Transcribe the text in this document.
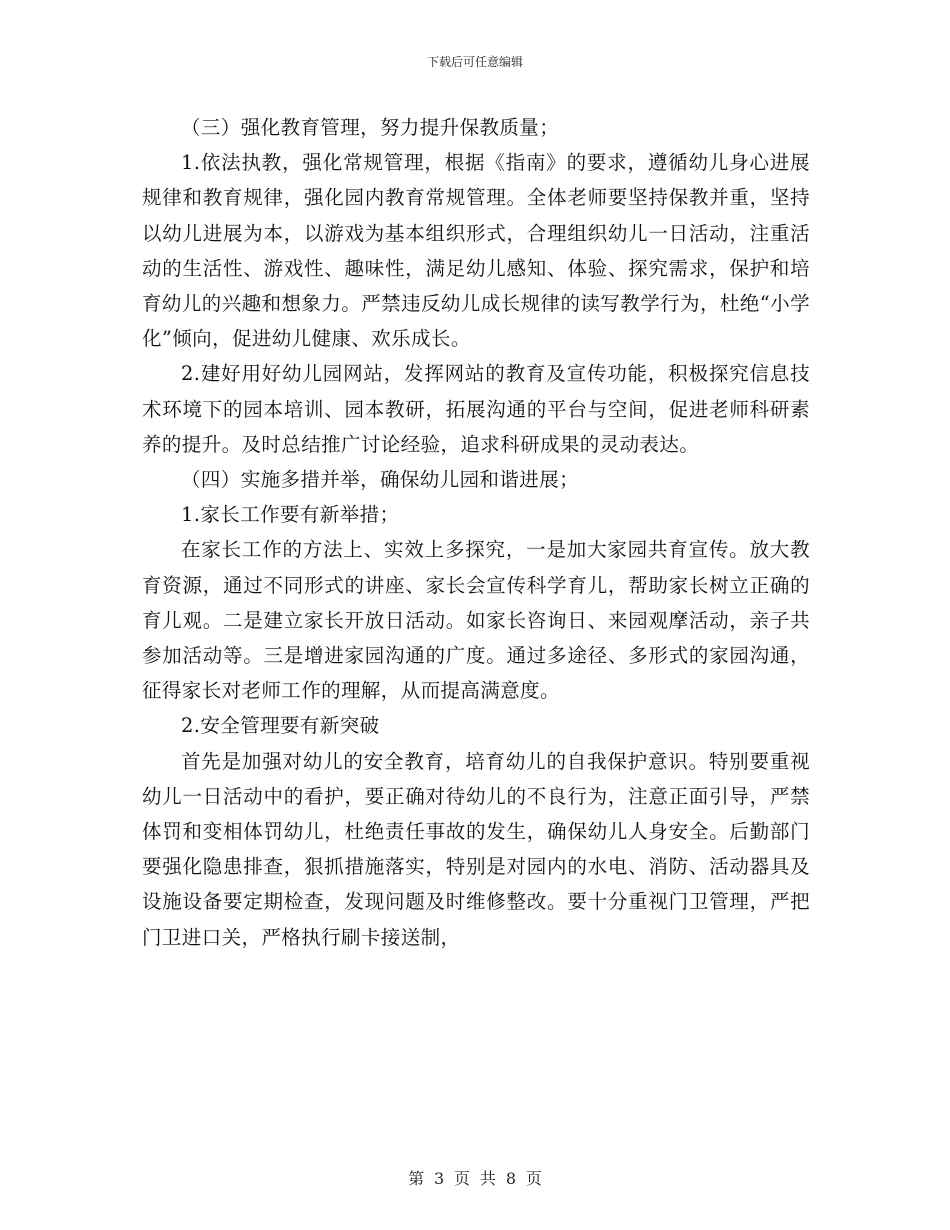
下载后可任意编辑

（三）强化教育管理，努力提升保教质量；

1.依法执教，强化常规管理，根据《指南》的要求，遵循幼儿身心进展规律和教育规律，强化园内教育常规管理。全体老师要坚持保教并重，坚持以幼儿进展为本，以游戏为基本组织形式，合理组织幼儿一日活动，注重活动的生活性、游戏性、趣味性，满足幼儿感知、体验、探究需求，保护和培育幼儿的兴趣和想象力。严禁违反幼儿成长规律的读写教学行为，杜绝“小学化”倾向，促进幼儿健康、欢乐成长。

2.建好用好幼儿园网站，发挥网站的教育及宣传功能，积极探究信息技术环境下的园本培训、园本教研，拓展沟通的平台与空间，促进老师科研素养的提升。及时总结推广讨论经验，追求科研成果的灵动表达。

（四）实施多措并举，确保幼儿园和谐进展；

1.家长工作要有新举措；

在家长工作的方法上、实效上多探究，一是加大家园共育宣传。放大教育资源，通过不同形式的讲座、家长会宣传科学育儿，帮助家长树立正确的育儿观。二是建立家长开放日活动。如家长咨询日、来园观摩活动，亲子共参加活动等。三是增进家园沟通的广度。通过多途径、多形式的家园沟通，征得家长对老师工作的理解，从而提高满意度。

2.安全管理要有新突破

首先是加强对幼儿的安全教育，培育幼儿的自我保护意识。特别要重视幼儿一日活动中的看护，要正确对待幼儿的不良行为，注意正面引导，严禁体罚和变相体罚幼儿，杜绝责任事故的发生，确保幼儿人身安全。后勤部门要强化隐患排查，狠抓措施落实，特别是对园内的水电、消防、活动器具及设施设备要定期检查，发现问题及时维修整改。要十分重视门卫管理，严把门卫进口关，严格执行刷卡接送制，

第 3 页 共 8 页
